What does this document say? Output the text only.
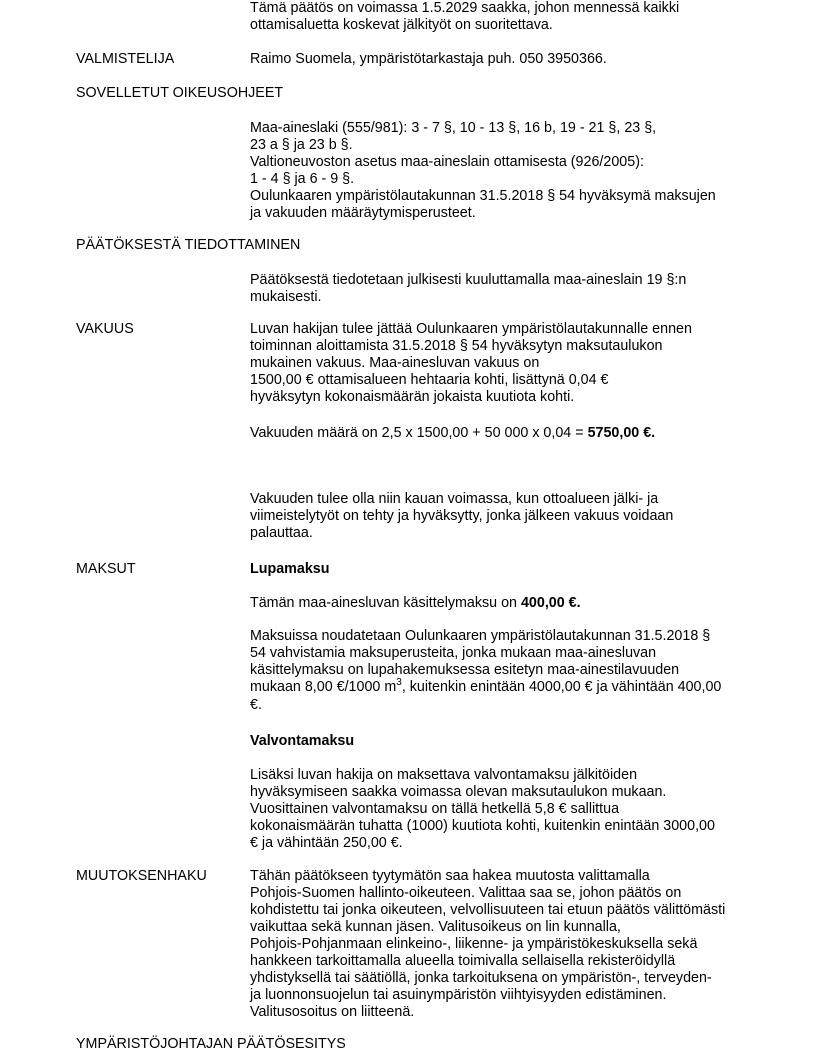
Tämä päätös on voimassa 1.5.2029 saakka, johon mennessä kaikki
ottamisaluetta koskevat jälkityöt on suoritettava.
VALMISTELIJA	Raimo Suomela, ympäristötarkastaja puh. 050 3950366.
SOVELLETUT OIKEUSOHJEET
Maa-aineslaki (555/981): 3 - 7 §, 10 - 13 §, 16 b, 19 - 21 §, 23 §,
23 a § ja 23 b §.
Valtioneuvoston asetus maa-aineslain ottamisesta (926/2005):
1 - 4 § ja 6 - 9 §.
Oulunkaaren ympäristölautakunnan 31.5.2018 § 54 hyväksymä maksujen
ja vakuuden määräytymisperusteet.
PÄÄTÖKSESTÄ TIEDOTTAMINEN
Päätöksestä tiedotetaan julkisesti kuuluttamalla maa-aineslain 19 §:n
mukaisesti.
VAKUUS	Luvan hakijan tulee jättää Oulunkaaren ympäristölautakunnalle ennen
toiminnan aloittamista 31.5.2018 § 54 hyväksytyn maksutaulukon
mukainen vakuus. Maa-ainesluvan vakuus on
1500,00 € ottamisalueen hehtaaria kohti, lisättynä 0,04 €
hyväksytyn kokonaismäärän jokaista kuutiota kohti.
Vakuuden määrä on 2,5 x 1500,00 + 50 000 x 0,04 = 5750,00 €.
Vakuuden tulee olla niin kauan voimassa, kun ottoalueen jälki- ja
viimeistelytyöt on tehty ja hyväksytty, jonka jälkeen vakuus voidaan
palauttaa.
MAKSUT	Lupamaksu
Tämän maa-ainesluvan käsittelymaksu on 400,00 €.
Maksuissa noudatetaan Oulunkaaren ympäristölautakunnan 31.5.2018 §
54 vahvistamia maksuperusteita, jonka mukaan maa-ainesluvan
käsittelymaksu on lupahakemuksessa esitetyn maa-ainestilavuuden
mukaan 8,00 €/1000 $m^3$, kuitenkin enintään 4000,00 € ja vähintään 400,00
€.
Valvontamaksu
Lisäksi luvan hakija on maksettava valvontamaksu jälkitöiden
hyväksymiseen saakka voimassa olevan maksutaulukon mukaan.
Vuosittainen valvontamaksu on tällä hetkellä 5,8 € sallittua
kokonaismäärän tuhatta (1000) kuutiota kohti, kuitenkin enintään 3000,00
€ ja vähintään 250,00 €.
MUUTOKSENHAKU	Tähän päätökseen tyytymätön saa hakea muutosta valittamalla
Pohjois-Suomen hallinto-oikeuteen. Valittaa saa se, johon päätös on
kohdistettu tai jonka oikeuteen, velvollisuuteen tai etuun päätös välittömästi
vaikuttaa sekä kunnan jäsen. Valitusoikeus on lin kunnalla,
Pohjois-Pohjanmaan elinkeino-, liikenne- ja ympäristökeskuksella sekä
hankkeen tarkoittamalla alueella toimivalla sellaisella rekisteröidyllä
yhdistyksellä tai säätiöllä, jonka tarkoituksena on ympäristön-, terveyden-
ja luonnonsuojelun tai asuinympäristön viihtyisyyden edistäminen.
Valitusosoitus on liitteenä.
YMPÄRISTÖJOHTAJAN PÄÄTÖSESITYS
